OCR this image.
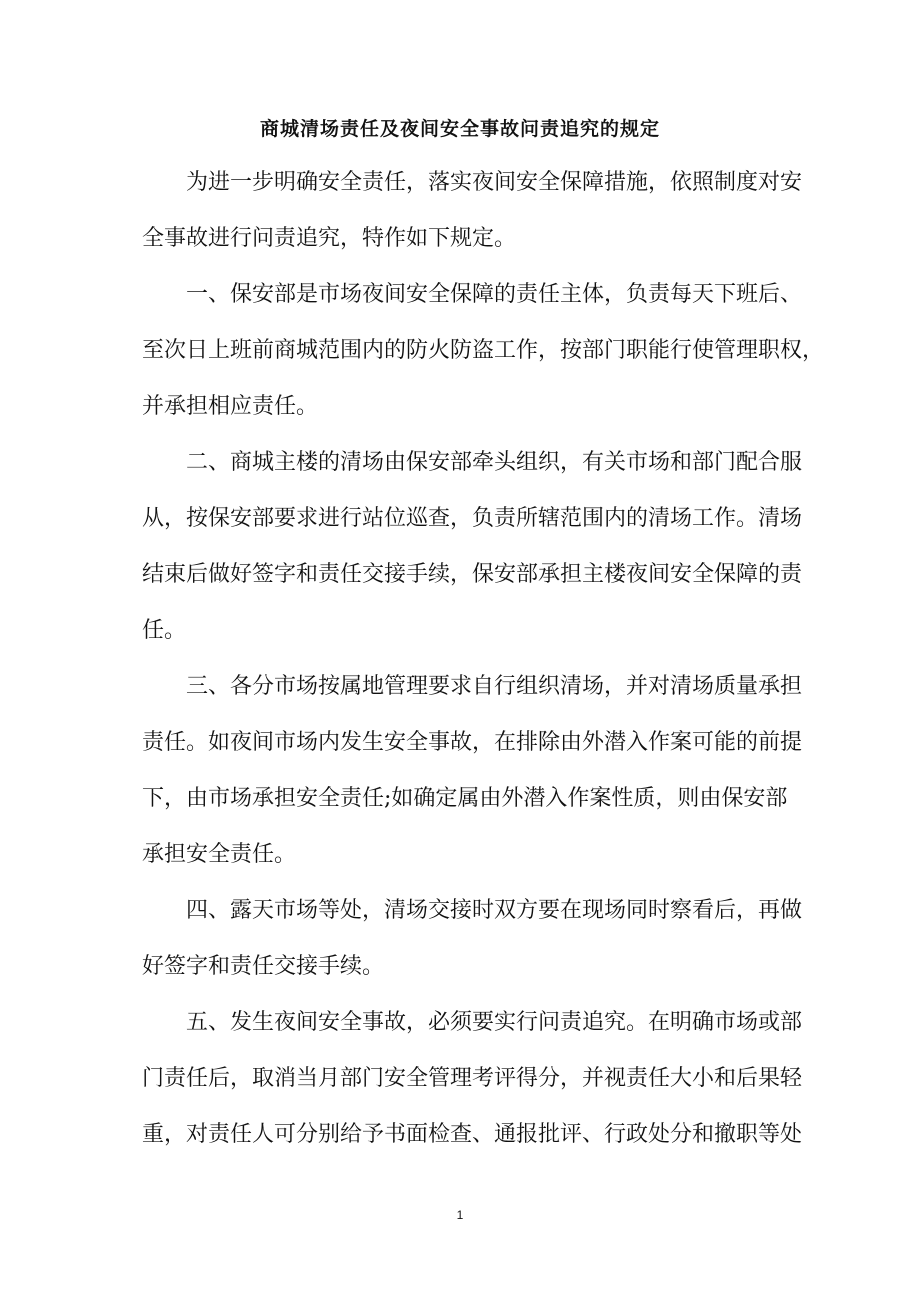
商城清场责任及夜间安全事故问责追究的规定
为进一步明确安全责任，落实夜间安全保障措施，依照制度对安
全事故进行问责追究，特作如下规定。
一、保安部是市场夜间安全保障的责任主体，负责每天下班后、
至次日上班前商城范围内的防火防盗工作，按部门职能行使管理职权，
并承担相应责任。
二、商城主楼的清场由保安部牵头组织，有关市场和部门配合服
从，按保安部要求进行站位巡查，负责所辖范围内的清场工作。清场
结束后做好签字和责任交接手续，保安部承担主楼夜间安全保障的责
任。
三、各分市场按属地管理要求自行组织清场，并对清场质量承担
责任。如夜间市场内发生安全事故，在排除由外潜入作案可能的前提
下，由市场承担安全责任;如确定属由外潜入作案性质，则由保安部
承担安全责任。
四、露天市场等处，清场交接时双方要在现场同时察看后，再做
好签字和责任交接手续。
五、发生夜间安全事故，必须要实行问责追究。在明确市场或部
门责任后，取消当月部门安全管理考评得分，并视责任大小和后果轻
重，对责任人可分别给予书面检查、通报批评、行政处分和撤职等处
1
